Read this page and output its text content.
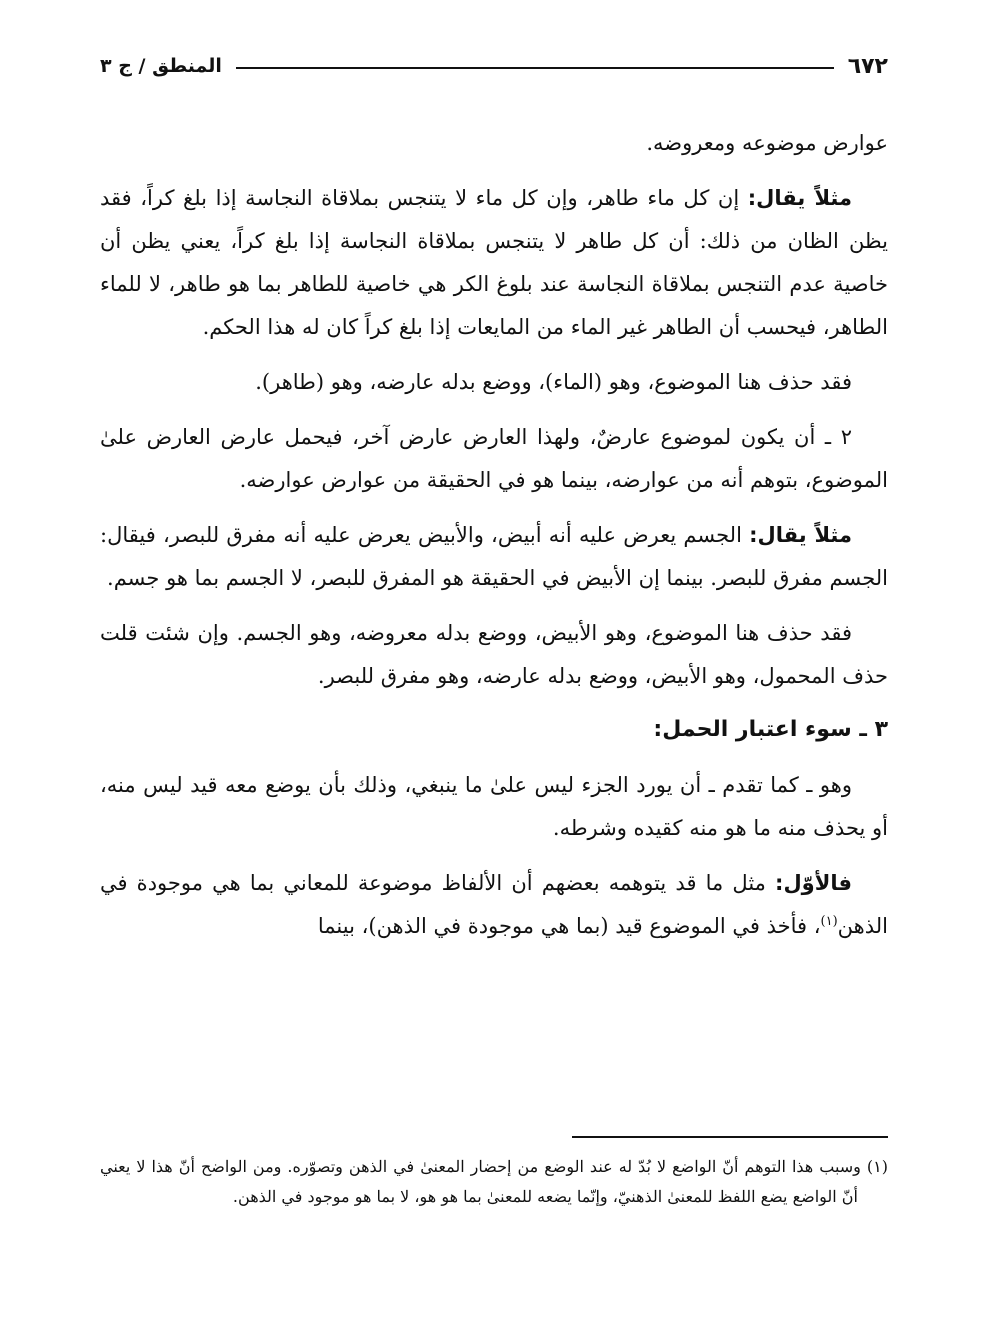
٦٧٢
المنطق / ج ٣

عوارض موضوعه ومعروضه.

مثلاً يقال: إن كل ماء طاهر، وإن كل ماء لا يتنجس بملاقاة النجاسة إذا بلغ كراً، فقد يظن الظان من ذلك: أن كل طاهر لا يتنجس بملاقاة النجاسة إذا بلغ كراً، يعني يظن أن خاصية عدم التنجس بملاقاة النجاسة عند بلوغ الكر هي خاصية للطاهر بما هو طاهر، لا للماء الطاهر، فيحسب أن الطاهر غير الماء من المايعات إذا بلغ كراً كان له هذا الحكم.

فقد حذف هنا الموضوع، وهو (الماء)، ووضع بدله عارضه، وهو (طاهر).

٢ ـ أن يكون لموضوع عارضٌ، ولهذا العارض عارض آخر، فيحمل عارض العارض علىٰ الموضوع، بتوهم أنه من عوارضه، بينما هو في الحقيقة من عوارض عوارضه.

مثلاً يقال: الجسم يعرض عليه أنه أبيض، والأبيض يعرض عليه أنه مفرق للبصر، فيقال: الجسم مفرق للبصر. بينما إن الأبيض في الحقيقة هو المفرق للبصر، لا الجسم بما هو جسم.

فقد حذف هنا الموضوع، وهو الأبيض، ووضع بدله معروضه، وهو الجسم. وإن شئت قلت حذف المحمول، وهو الأبيض، ووضع بدله عارضه، وهو مفرق للبصر.

٣ ـ سوء اعتبار الحمل:

وهو ـ كما تقدم ـ أن يورد الجزء ليس علىٰ ما ينبغي، وذلك بأن يوضع معه قيد ليس منه، أو يحذف منه ما هو منه كقيده وشرطه.

فالأوّل: مثل ما قد يتوهمه بعضهم أن الألفاظ موضوعة للمعاني بما هي موجودة في الذهن$^{(١)}$، فأخذ في الموضوع قيد (بما هي موجودة في الذهن)، بينما

(١) وسبب هذا التوهم أنّ الواضع لا بُدّ له عند الوضع من إحضار المعنىٰ في الذهن وتصوّره. ومن الواضح أنّ هذا لا يعني أنّ الواضع يضع اللفظ للمعنىٰ الذهنيّ، وإنّما يضعه للمعنىٰ بما هو هو، لا بما هو موجود في الذهن.
